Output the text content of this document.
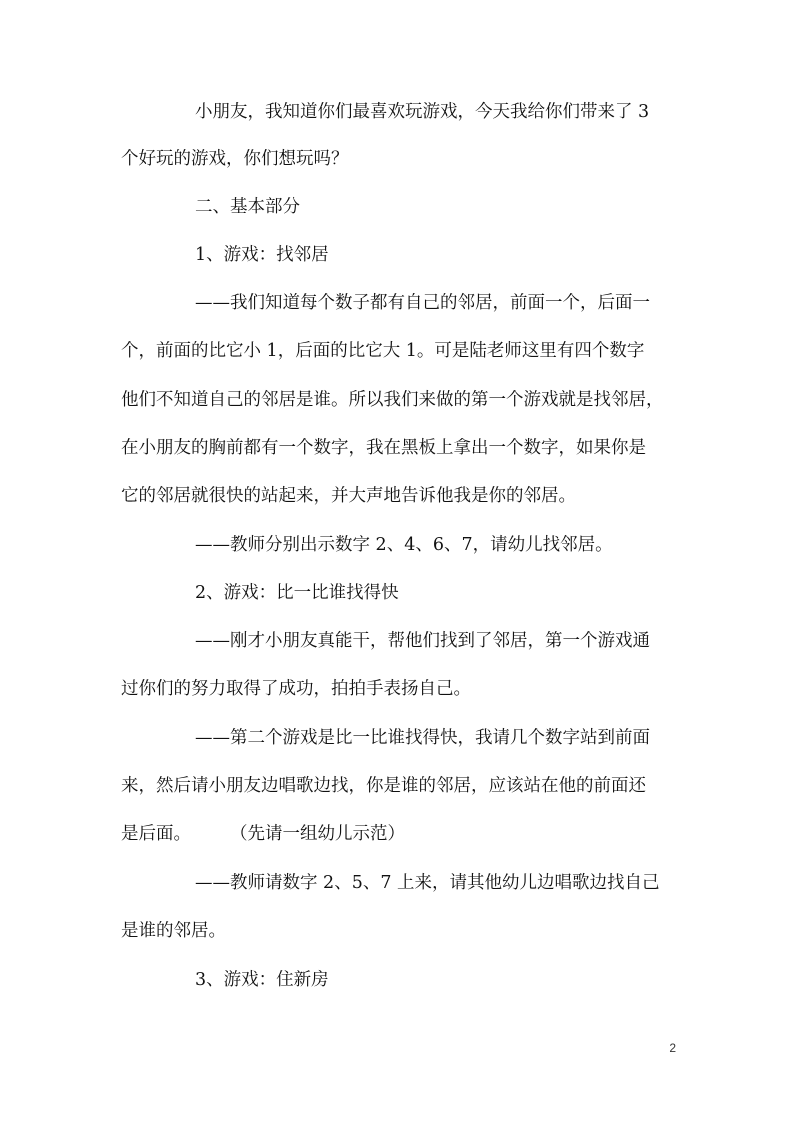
小朋友，我知道你们最喜欢玩游戏，今天我给你们带来了 3
个好玩的游戏，你们想玩吗？
二、基本部分
1、游戏：找邻居
——我们知道每个数子都有自己的邻居，前面一个，后面一
个，前面的比它小 1，后面的比它大 1。可是陆老师这里有四个数字
他们不知道自己的邻居是谁。所以我们来做的第一个游戏就是找邻居，
在小朋友的胸前都有一个数字，我在黑板上拿出一个数字，如果你是
它的邻居就很快的站起来，并大声地告诉他我是你的邻居。
——教师分别出示数字 2、4、6、7，请幼儿找邻居。
2、游戏：比一比谁找得快
——刚才小朋友真能干，帮他们找到了邻居，第一个游戏通
过你们的努力取得了成功，拍拍手表扬自己。
——第二个游戏是比一比谁找得快，我请几个数字站到前面
来，然后请小朋友边唱歌边找，你是谁的邻居，应该站在他的前面还
是后面。       （先请一组幼儿示范）
——教师请数字 2、5、7 上来，请其他幼儿边唱歌边找自己
是谁的邻居。
3、游戏：住新房
2
